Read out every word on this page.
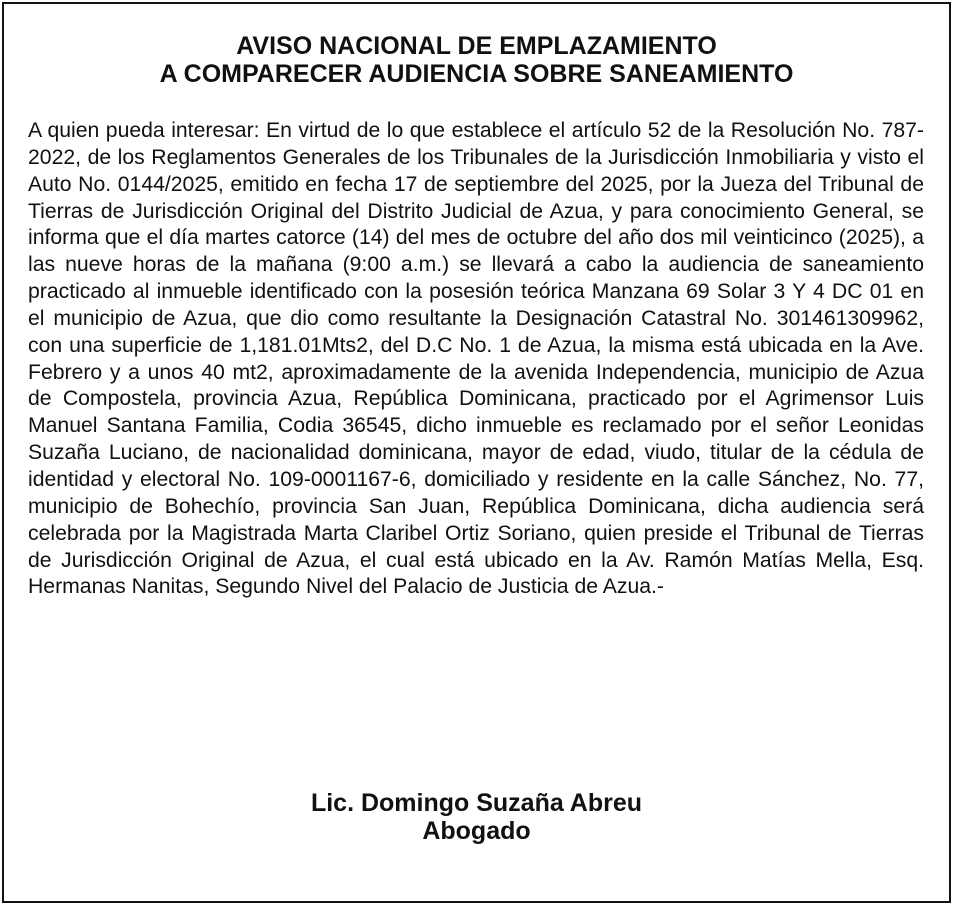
AVISO NACIONAL DE EMPLAZAMIENTO
A COMPARECER AUDIENCIA SOBRE SANEAMIENTO

A quien pueda interesar: En virtud de lo que establece el artículo 52 de la Resolución No. 787-2022, de los Reglamentos Generales de los Tribunales de la Jurisdicción Inmobiliaria y visto el Auto No. 0144/2025, emitido en fecha 17 de septiembre del 2025, por la Jueza del Tribunal de Tierras de Jurisdicción Original del Distrito Judicial de Azua, y para conocimiento General, se informa que el día martes catorce (14) del mes de octubre del año dos mil veinticinco (2025), a las nueve horas de la mañana (9:00 a.m.) se llevará a cabo la audiencia de saneamiento practicado al inmueble identificado con la posesión teórica Manzana 69 Solar 3 Y 4 DC 01 en el municipio de Azua, que dio como resultante la Designación Catastral No. 301461309962, con una superficie de 1,181.01Mts2, del D.C No. 1 de Azua, la misma está ubicada en la Ave. Febrero y a unos 40 mt2, aproximadamente de la avenida Independencia, municipio de Azua de Compostela, provincia Azua, República Dominicana, practicado por el Agrimensor Luis Manuel Santana Familia, Codia 36545, dicho inmueble es reclamado por el señor Leonidas Suzaña Luciano, de nacionalidad dominicana, mayor de edad, viudo, titular de la cédula de identidad y electoral No. 109-0001167-6, domiciliado y residente en la calle Sánchez, No. 77, municipio de Bohechío, provincia San Juan, República Dominicana, dicha audiencia será celebrada por la Magistrada Marta Claribel Ortiz Soriano, quien preside el Tribunal de Tierras de Jurisdicción Original de Azua, el cual está ubicado en la Av. Ramón Matías Mella, Esq. Hermanas Nanitas, Segundo Nivel del Palacio de Justicia de Azua.-

Lic. Domingo Suzaña Abreu
Abogado
